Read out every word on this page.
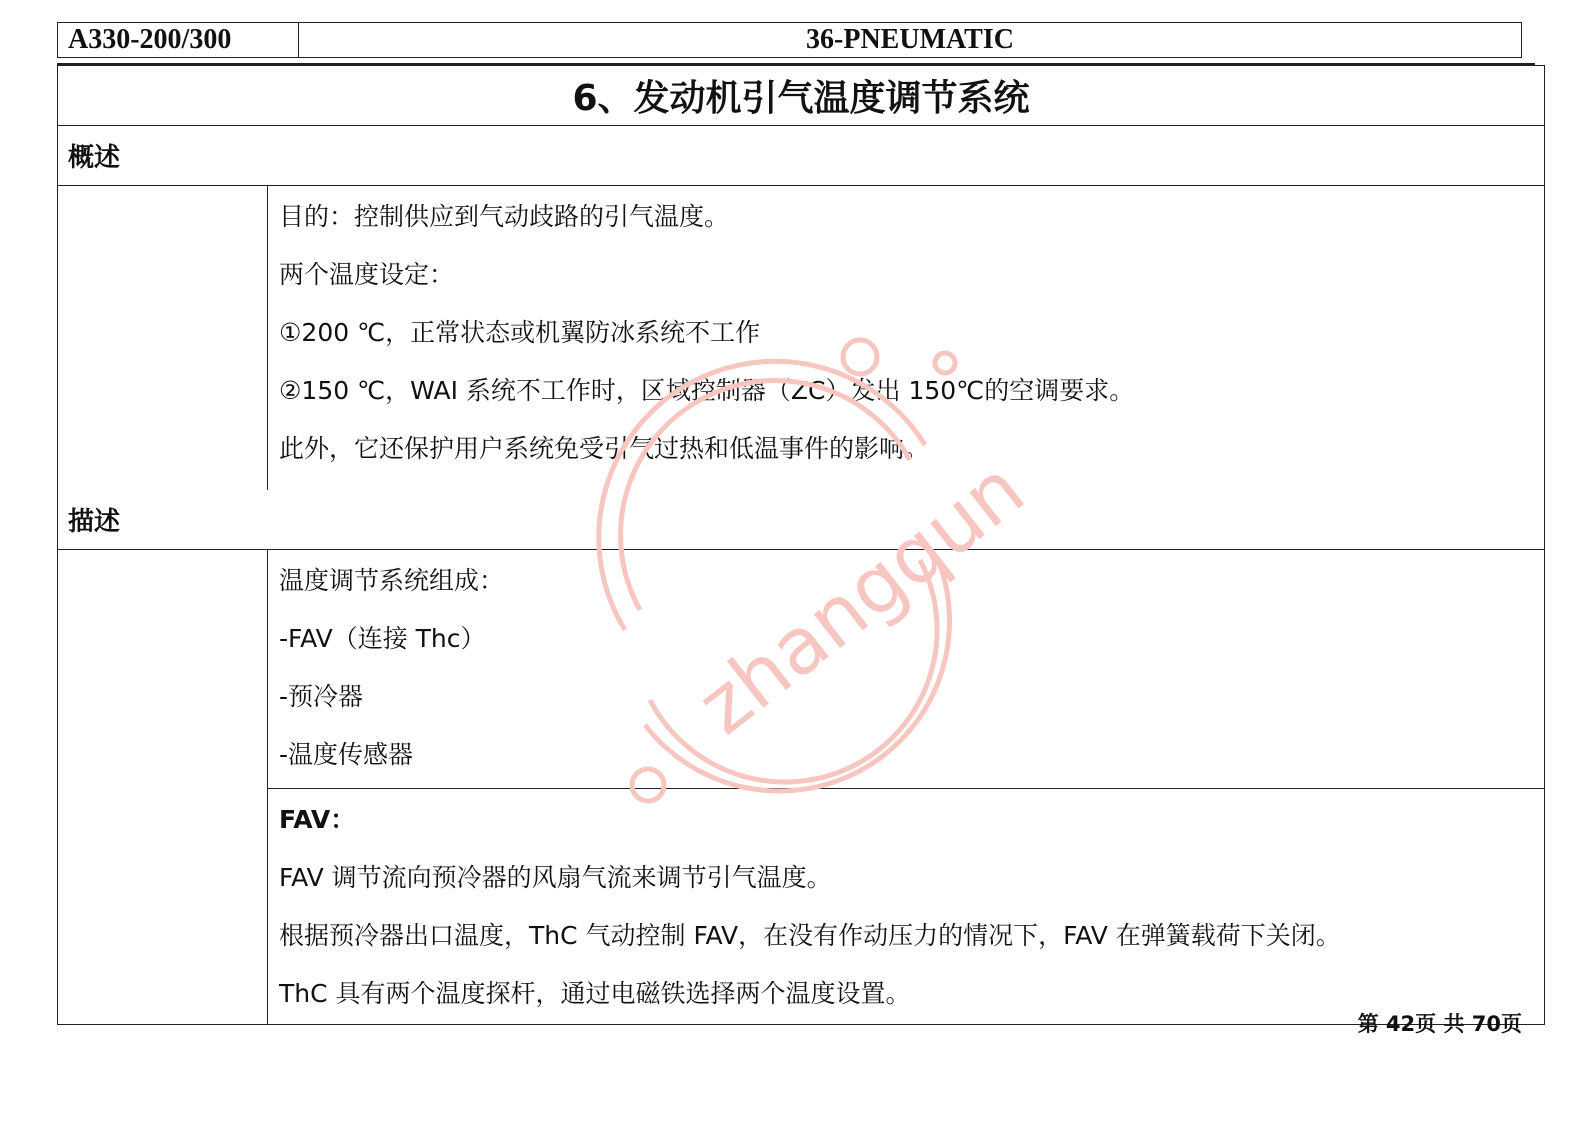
A330-200/300	36-PNEUMATIC
6、发动机引气温度调节系统
概述
目的：控制供应到气动歧路的引气温度。
两个温度设定：
①200 ℃，正常状态或机翼防冰系统不工作
②150 ℃，WAI 系统不工作时，区域控制器（ZC）发出 150℃的空调要求。
此外，它还保护用户系统免受引气过热和低温事件的影响。
描述
温度调节系统组成：
-FAV（连接 Thc）
-预冷器
-温度传感器
FAV：
FAV 调节流向预冷器的风扇气流来调节引气温度。
根据预冷器出口温度，ThC 气动控制 FAV，在没有作动压力的情况下，FAV 在弹簧载荷下关闭。
ThC 具有两个温度探杆，通过电磁铁选择两个温度设置。
zhangqun
第 42页 共 70页
